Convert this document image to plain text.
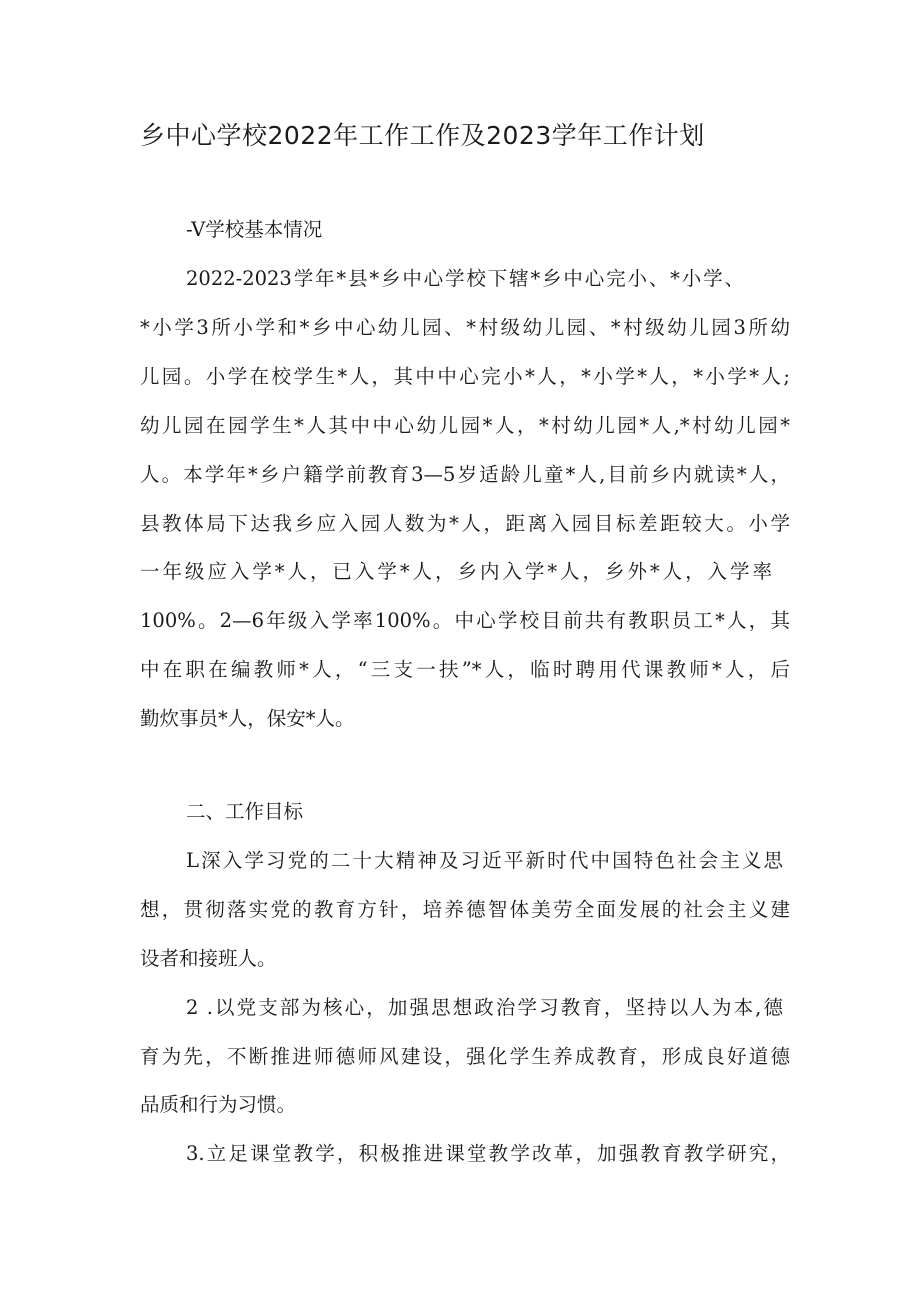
乡中心学校2022年工作工作及2023学年工作计划

-V学校基本情况

2022-2023学年*县*乡中心学校下辖*乡中心完小、*小学、

*小学3所小学和*乡中心幼儿园、*村级幼儿园、*村级幼儿园3所幼

儿园。小学在校学生*人，其中中心完小*人，*小学*人，*小学*人;

幼儿园在园学生*人其中中心幼儿园*人，*村幼儿园*人,*村幼儿园*

人。本学年*乡户籍学前教育3—5岁适龄儿童*人,目前乡内就读*人，

县教体局下达我乡应入园人数为*人，距离入园目标差距较大。小学

一年级应入学*人，已入学*人，乡内入学*人，乡外*人，入学率

100%。2—6年级入学率100%。中心学校目前共有教职员工*人，其

中在职在编教师*人，“三支一扶”*人，临时聘用代课教师*人，后

勤炊事员*人，保安*人。

二、工作目标

L深入学习党的二十大精神及习近平新时代中国特色社会主义思

想，贯彻落实党的教育方针，培养德智体美劳全面发展的社会主义建

设者和接班人。

2 .以党支部为核心，加强思想政治学习教育，坚持以人为本,德

育为先，不断推进师德师风建设，强化学生养成教育，形成良好道德

品质和行为习惯。

3.立足课堂教学，积极推进课堂教学改革，加强教育教学研究，
